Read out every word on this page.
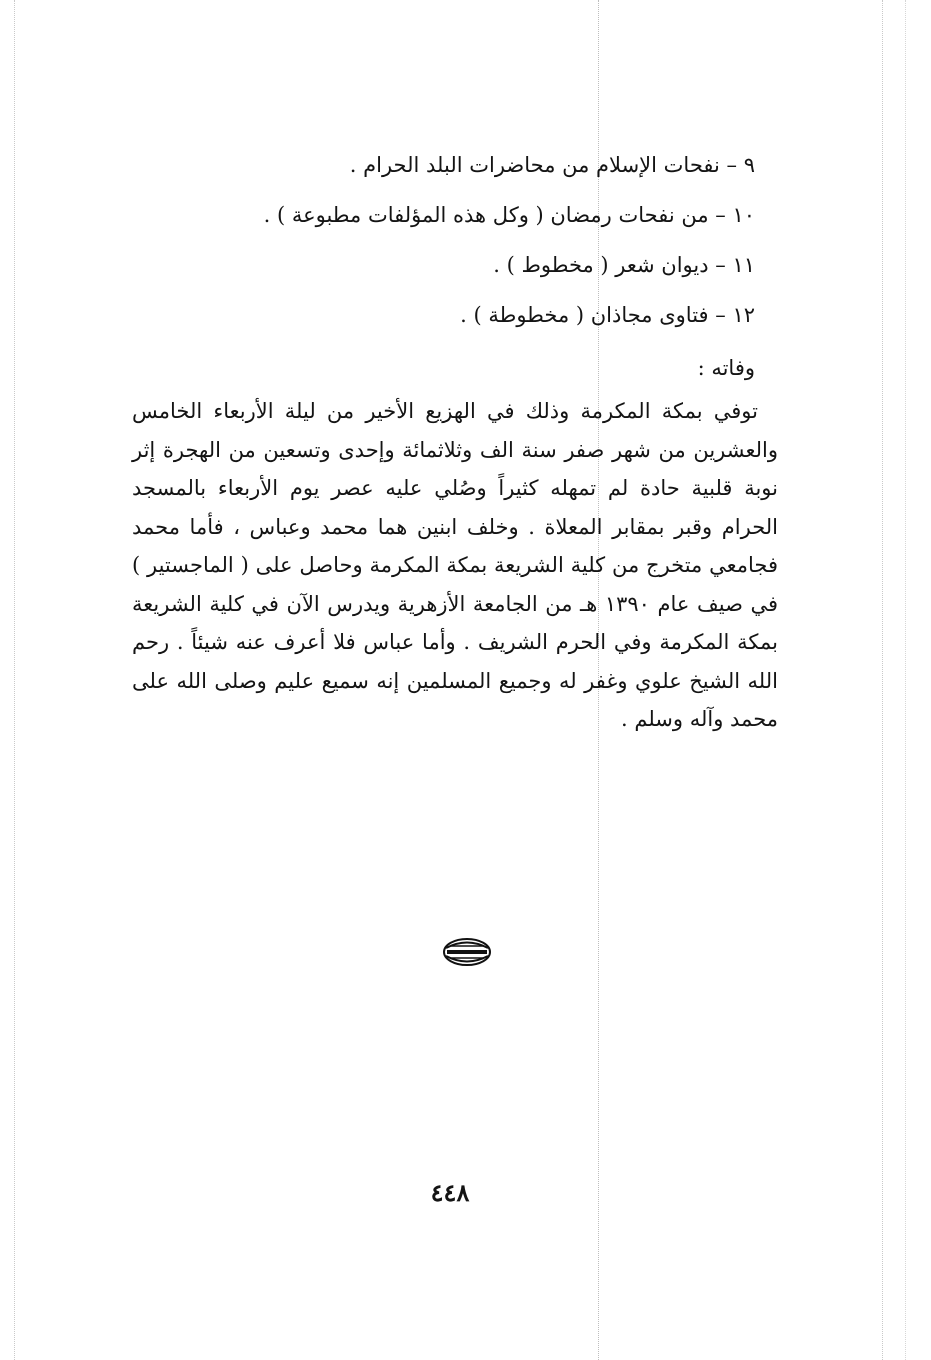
٩ – نفحات الإسلام من محاضرات البلد الحرام .
١٠ – من نفحات رمضان ( وكل هذه المؤلفات مطبوعة ) .
١١ – ديوان شعر ( مخطوط ) .
١٢ – فتاوى مجاذان ( مخطوطة ) .
وفاته :

توفي بمكة المكرمة وذلك في الهزيع الأخير من ليلة الأربعاء الخامس والعشرين من شهر صفر سنة الف وثلاثمائة وإحدى وتسعين من الهجرة إثر نوبة قلبية حادة لم تمهله كثيراً وصُلي عليه عصر يوم الأربعاء بالمسجد الحرام وقبر بمقابر المعلاة . وخلف ابنين هما محمد وعباس ، فأما محمد فجامعي متخرج من كلية الشريعة بمكة المكرمة وحاصل على ( الماجستير ) في صيف عام ١٣٩٠ هـ من الجامعة الأزهرية ويدرس الآن في كلية الشريعة بمكة المكرمة وفي الحرم الشريف . وأما عباس فلا أعرف عنه شيئاً . رحم الله الشيخ علوي وغفر له وجميع المسلمين إنه سميع عليم وصلى الله على محمد وآله وسلم .

٤٤٨
